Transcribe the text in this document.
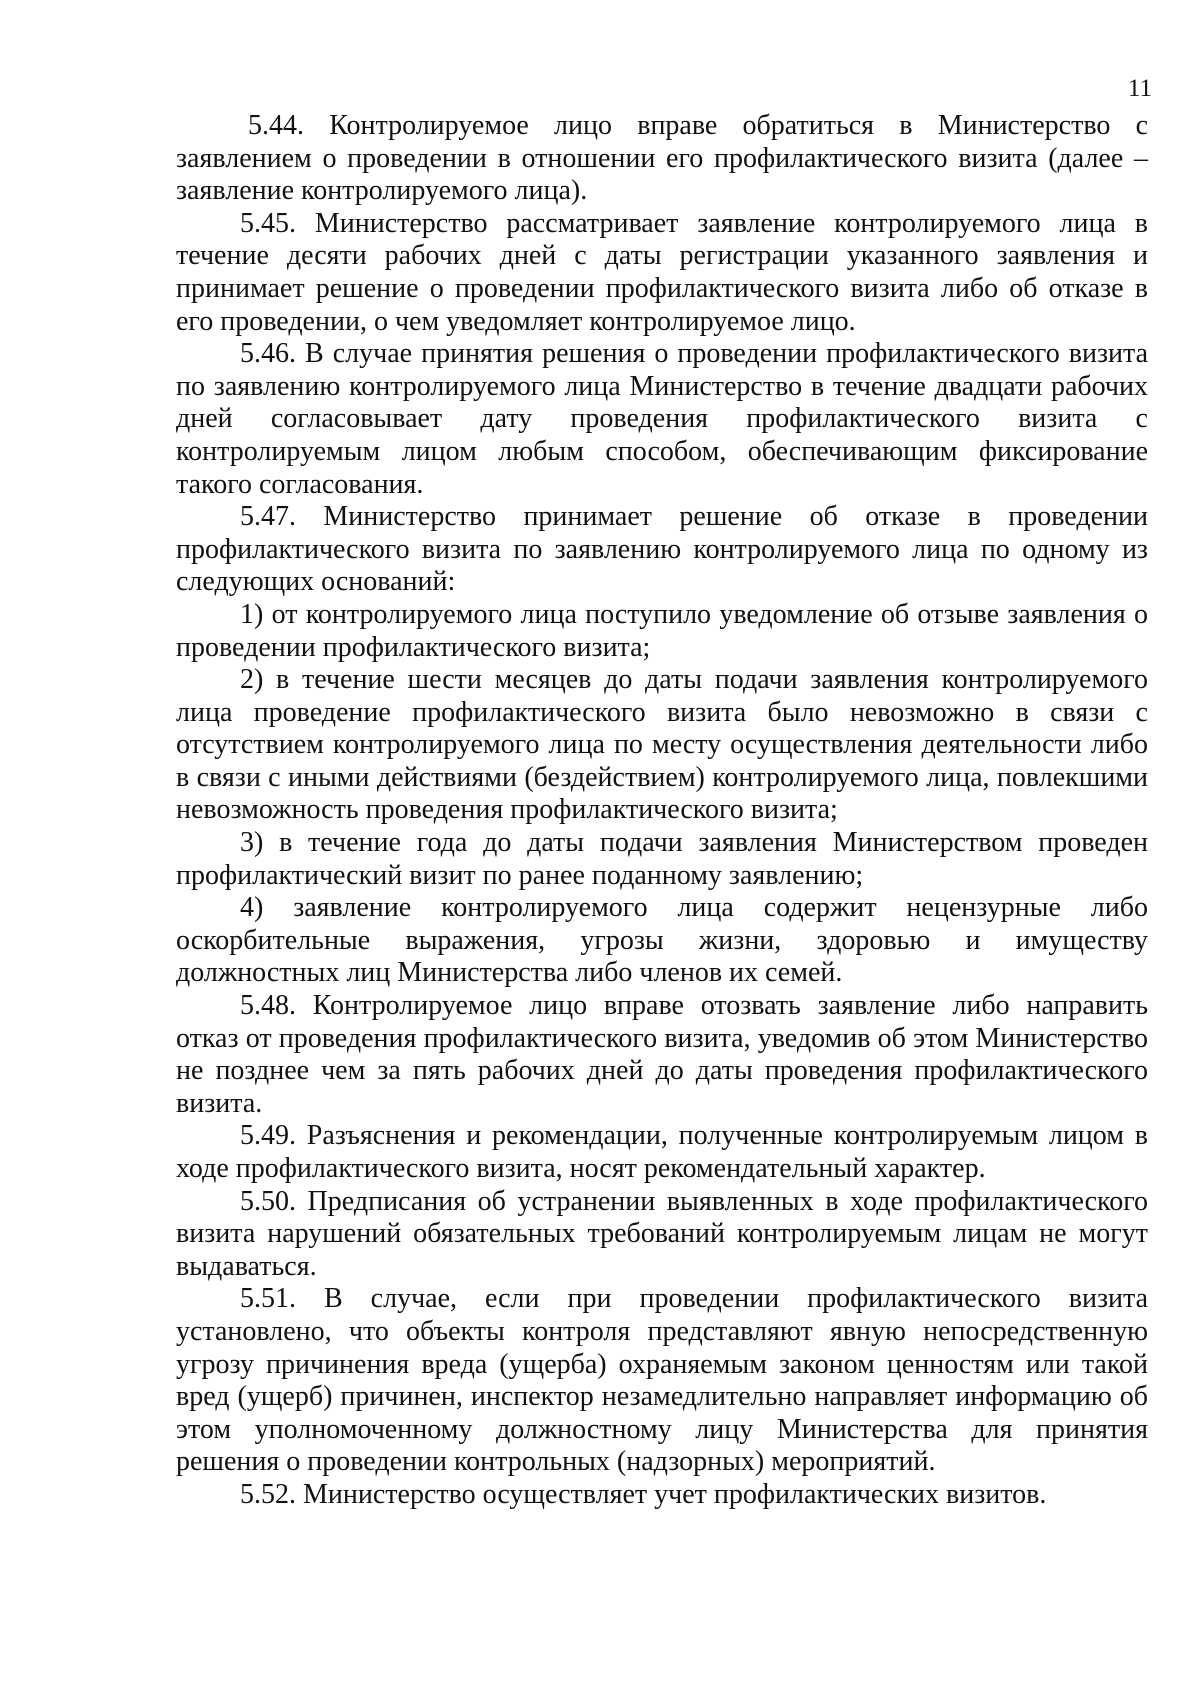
11

5.44. Контролируемое лицо вправе обратиться в Министерство с заявлением о проведении в отношении его профилактического визита (далее – заявление контролируемого лица).

5.45. Министерство рассматривает заявление контролируемого лица в течение десяти рабочих дней с даты регистрации указанного заявления и принимает решение о проведении профилактического визита либо об отказе в его проведении, о чем уведомляет контролируемое лицо.

5.46. В случае принятия решения о проведении профилактического визита по заявлению контролируемого лица Министерство в течение двадцати рабочих дней согласовывает дату проведения профилактического визита с контролируемым лицом любым способом, обеспечивающим фиксирование такого согласования.

5.47. Министерство принимает решение об отказе в проведении профилактического визита по заявлению контролируемого лица по одному из следующих оснований:

1) от контролируемого лица поступило уведомление об отзыве заявления о проведении профилактического визита;

2) в течение шести месяцев до даты подачи заявления контролируемого лица проведение профилактического визита было невозможно в связи с отсутствием контролируемого лица по месту осуществления деятельности либо в связи с иными действиями (бездействием) контролируемого лица, повлекшими невозможность проведения профилактического визита;

3) в течение года до даты подачи заявления Министерством проведен профилактический визит по ранее поданному заявлению;

4) заявление контролируемого лица содержит нецензурные либо оскорбительные выражения, угрозы жизни, здоровью и имуществу должностных лиц Министерства либо членов их семей.

5.48. Контролируемое лицо вправе отозвать заявление либо направить отказ от проведения профилактического визита, уведомив об этом Министерство не позднее чем за пять рабочих дней до даты проведения профилактического визита.

5.49. Разъяснения и рекомендации, полученные контролируемым лицом в ходе профилактического визита, носят рекомендательный характер.

5.50. Предписания об устранении выявленных в ходе профилактического визита нарушений обязательных требований контролируемым лицам не могут выдаваться.

5.51. В случае, если при проведении профилактического визита установлено, что объекты контроля представляют явную непосредственную угрозу причинения вреда (ущерба) охраняемым законом ценностям или такой вред (ущерб) причинен, инспектор незамедлительно направляет информацию об этом уполномоченному должностному лицу Министерства для принятия решения о проведении контрольных (надзорных) мероприятий.

5.52. Министерство осуществляет учет профилактических визитов.
